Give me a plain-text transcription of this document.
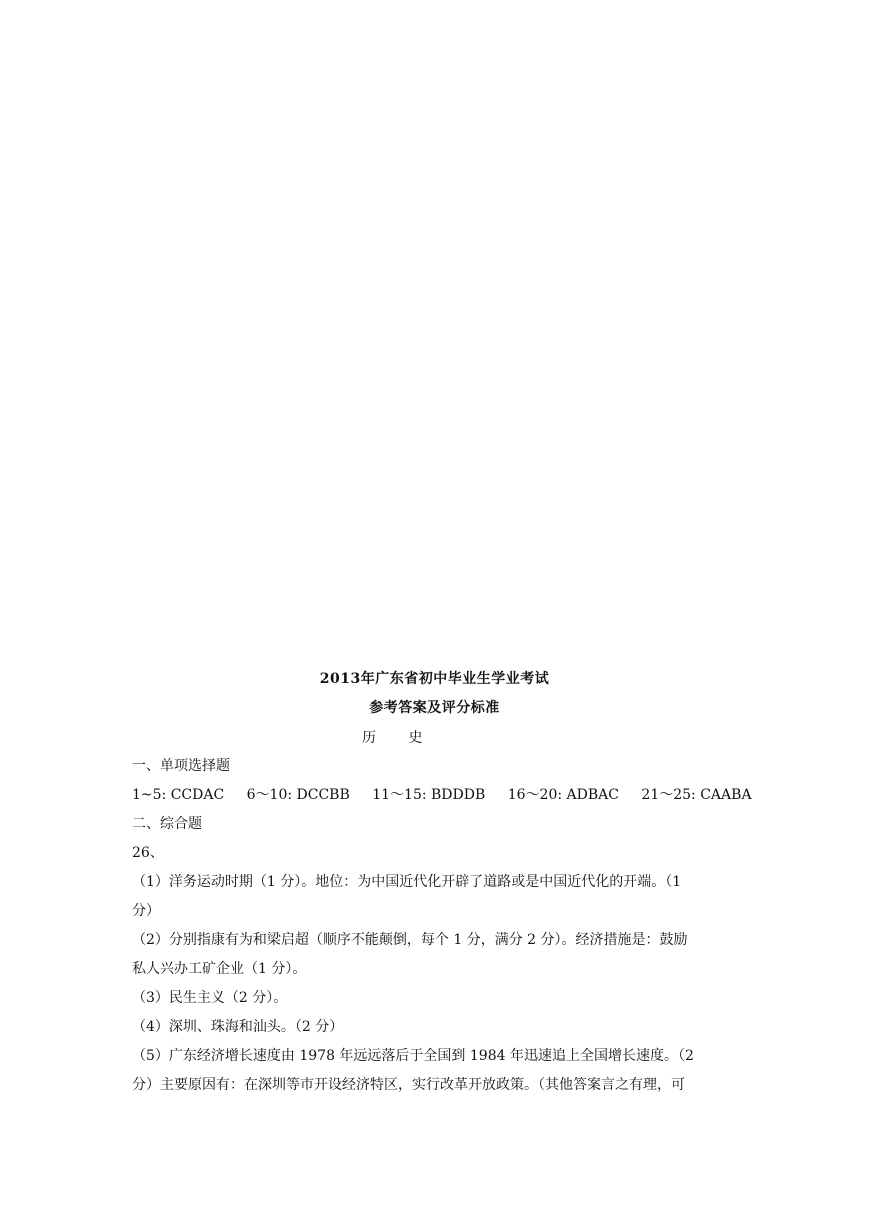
2013年广东省初中毕业生学业考试
参考答案及评分标准
历 史
一、单项选择题
1~5: CCDAC 6～10: DCCBB 11～15: BDDDB 16～20: ADBAC 21～25: CAABA
二、综合题
26、
（1）洋务运动时期（1 分）。地位：为中国近代化开辟了道路或是中国近代化的开端。（1
分）
（2）分别指康有为和梁启超（顺序不能颠倒，每个 1 分，满分 2 分）。经济措施是：鼓励
私人兴办工矿企业（1 分）。
（3）民生主义（2 分）。
（4）深圳、珠海和汕头。（2 分）
（5）广东经济增长速度由 1978 年远远落后于全国到 1984 年迅速追上全国增长速度。（2
分）主要原因有：在深圳等市开设经济特区，实行改革开放政策。（其他答案言之有理，可
